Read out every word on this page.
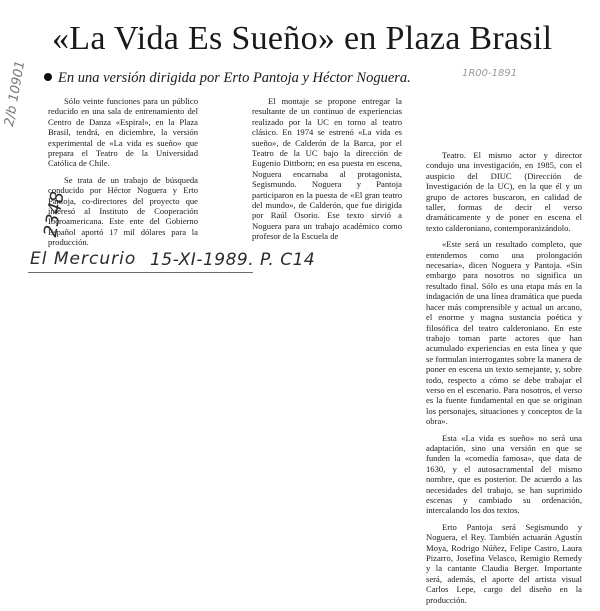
«La Vida Es Sueño» en Plaza Brasil
En una versión dirigida por Erto Pantoja y Héctor Noguera.

Sólo veinte funciones para un público reducido en una sala de entrenamiento del Centro de Danza «Espiral», en la Plaza Brasil, tendrá, en diciembre, la versión experimental de «La vida es sueño» que prepara el Teatro de la Universidad Católica de Chile.

Se trata de un trabajo de búsqueda conducido por Héctor Noguera y Erto Pantoja, co-directores del proyecto que interesó al Instituto de Cooperación Iberoamericana. Este ente del Gobierno Español aportó 17 mil dólares para la producción.

El montaje se propone entregar la resultante de un continuo de experiencias realizado por la UC en torno al teatro clásico. En 1974 se estrenó «La vida es sueño», de Calderón de la Barca, por el Teatro de la UC bajo la dirección de Eugenio Dittborn; en esa puesta en escena, Noguera encarnaba al protagonista, Segismundo. Noguera y Pantoja participaron en la puesta de «El gran teatro del mundo», de Calderón, que fue dirigida por Raúl Osorio. Ese texto sirvió a Noguera para un trabajo académico como profesor de la Escuela de

Teatro. El mismo actor y director condujo una investigación, en 1985, con el auspicio del DIUC (Dirección de Investigación de la UC), en la que él y un grupo de actores buscaron, en calidad de taller, formas de decir el verso dramáticamente y de poner en escena el texto calderoniano, contemporanizándolo.

«Este será un resultado completo, que entendemos como una prolongación necesaria», dicen Noguera y Pantoja. «Sin embargo para nosotros no significa un resultado final. Sólo es una etapa más en la indagación de una línea dramática que pueda hacer más comprensible y actual un arcano, el enorme y magna sustancia poética y filosófica del teatro calderoniano. En este trabajo toman parte actores que han acumulado experiencias en esta línea y que se formulan interrogantes sobre la manera de poner en escena un texto semejante, y, sobre todo, respecto a cómo se debe trabajar el verso en el escenario. Para nosotros, el verso es la fuente fundamental en que se originan los personajes, situaciones y conceptos de la obra».

Esta «La vida es sueño» no será una adaptación, sino una versión en que se funden la «comedia famosa», que data de 1630, y el autosacramental del mismo nombre, que es posterior. De acuerdo a las necesidades del trabajo, se han suprimido escenas y cambiado su ordenación, intercalando los dos textos.

Erto Pantoja será Segismundo y Noguera, el Rey. También actuarán Agustín Moya, Rodrigo Núñez, Felipe Castro, Laura Pizarro, Josefina Velasco, Remigio Remedy y la cantante Claudia Berger. Importante será, además, el aporte del artista visual Carlos Lepe, cargo del diseño en la producción.

2/b 10901	1R00-1891
2348
El Mercurio 15-XI-1989. P. C14
